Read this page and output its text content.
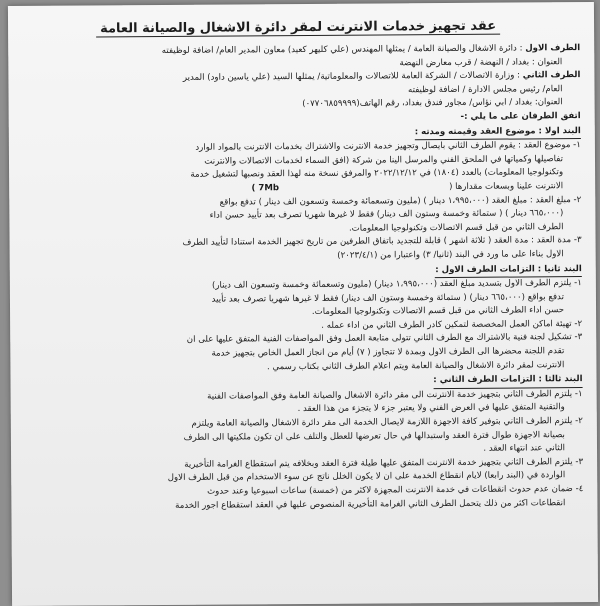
عقد تجهيز خدمات الانترنت لمقر دائرة الاشغال والصيانة العامة

الطرف الاول : دائرة الاشغال والصيانة العامة / يمثلها المهندس (علي كليهر كعيد) معاون المدير العام/ اضافة لوظيفته

العنوان : بغداد / النهضة / قرب معارض النهضة

الطرف الثاني : وزارة الاتصالات / الشركة العامة للاتصالات والمعلوماتية/ يمثلها السيد (علي ياسين داود) المدير

العام/ رئيس مجلس الادارة / اضافة لوظيفته

العنوان: بغداد / ابي نؤاس/ مجاور فندق بغداد، رقم الهاتف(٠٧٧٠٦٨٥٩٩٩٩)

اتفق الطرفان على ما يلي :-

البند اولا : موضوع العقد وقيمته ومدته :

١- موضوع العقد : يقوم الطرف الثاني بايصال وتجهيز خدمة الانترنت والاشتراك بخدمات الانترنت بالمواد الوارد

تفاصيلها وكمياتها في الملحق الفني والمرسل الينا من شركة (افق السماء لخدمات الاتصالات والانترنت

وتكنولوجيا المعلومات) بالعدد (١٨٠٤) في ٢٠٢٢/١٢/١٢ والمرفق نسخة منه لهذا العقد ونصبها لتشغيل خدمة

الانترنت علينا وبسعات مقدارها (7Mb )

٢- مبلغ العقد : مبلغ العقد (١،٩٩٥،٠٠٠ دينار ) (مليون وتسعمائة وخمسة وتسعون الف دينار ) تدفع بواقع

(٦٦٥،٠٠٠ دينار ) ( ستمائة وخمسة وستون الف دينار) فقط لا غيرها شهريا تصرف بعد تأييد حسن اداء

الطرف الثاني من قبل قسم الاتصالات وتكنولوجيا المعلومات.

٣- مدة العقد : مدة العقد ( ثلاثة اشهر ) قابلة للتجديد باتفاق الطرفين من تاريخ تجهيز الخدمة استنادا لتأييد الطرف

الاول بناءا على ما ورد في البند (ثانيا/ ٣) واعتبارا من (٢٠٢٣/٤/١)

البند ثانيا : التزامات الطرف الاول :

١- يلتزم الطرف الاول بتسديد مبلغ العقد (١،٩٩٥،٠٠٠ دينار) (مليون وتسعمائة وخمسة وتسعون الف دينار)

تدفع بواقع (٦٦٥،٠٠٠ دينار) ( ستمائة وخمسة وستون الف دينار) فقط لا غيرها شهريا تصرف بعد تأييد

حسن اداء الطرف الثاني من قبل قسم الاتصالات وتكنولوجيا المعلومات.

٢- تهيئة اماكن العمل المخصصة لتمكين كادر الطرف الثاني من اداء عمله .

٣- تشكيل لجنة فنية بالاشتراك مع الطرف الثاني تتولى متابعة العمل وفق المواصفات الفنية المتفق عليها على ان

تقدم اللجنة محضرها الى الطرف الاول وبمدة لا تتجاوز ( ٧) أيام من انجاز العمل الخاص بتجهيز خدمة

الانترنت لمقر دائرة الاشغال والصيانة العامة ويتم اعلام الطرف الثاني بكتاب رسمي .

البند ثالثا : التزامات الطرف الثاني :

١- يلتزم الطرف الثاني بتجهيز خدمة الانترنت الى مقر دائرة الاشغال والصيانة العامة وفق المواصفات الفنية

والتقنية المتفق عليها في العرض الفني ولا يعتبر جزء لا يتجزء من هذا العقد .

٢- يلتزم الطرف الثاني بتوفير كافة الاجهزة اللازمة لايصال الخدمة الى مقر دائرة الاشغال والصيانة العامة ويلتزم

بصيانة الاجهزة طوال فترة العقد واستبدالها في حال تعرضها للعطل والتلف على ان تكون ملكيتها الى الطرف

الثاني عند انتهاء العقد .

٣- يلتزم الطرف الثاني بتجهيز خدمة الانترنت المتفق عليها طيلة فترة العقد وبخلافه يتم استقطاع الغرامة التأخيرية

الواردة في (البند رابعا) لايام انقطاع الخدمة على ان لا يكون الخلل ناتج عن سوء الاستخدام من قبل الطرف الاول

٤- ضمان عدم حدوث انقطاعات في خدمة الانترنت المجهزة لاكثر من (خمسة) ساعات اسبوعيا وعند حدوث

انقطاعات اكثر من ذلك يتحمل الطرف الثاني الغرامة التأخيرية المنصوص عليها في العقد استقطاع اجور الخدمة
